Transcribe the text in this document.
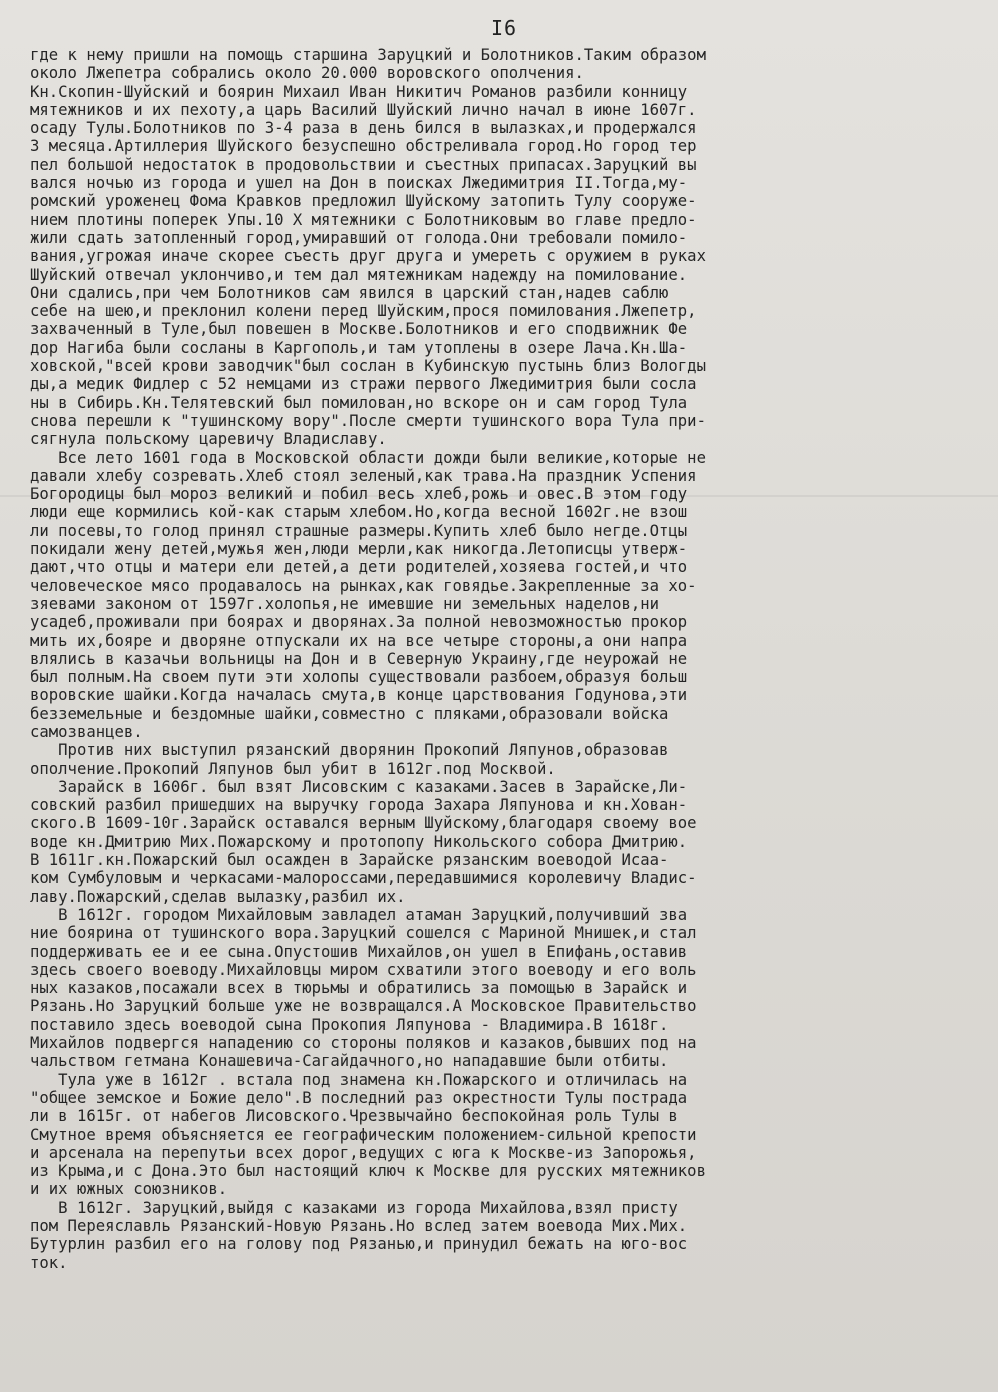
I6
где к нему пришли на помощь старшина Заруцкий и Болотников.Таким образом
около Лжепетра собрались около 20.000 воровского ополчения.
Кн.Скопин-Шуйский и боярин Михаил Иван Никитич Романов разбили конницу
мятежников и их пехоту,а царь Василий Шуйский лично начал в июне 1607г.
осаду Тулы.Болотников по 3-4 раза в день бился в вылазках,и продержался
3 месяца.Артиллерия Шуйского безуспешно обстреливала город.Но город тер
пел большой недостаток в продовольствии и съестных припасах.Заруцкий вы
вался ночью из города и ушел на Дон в поисках Лжедимитрия II.Тогда,му-
ромский уроженец Фома Кравков предложил Шуйскому затопить Тулу сооруже-
нием плотины поперек Упы.10 X мятежники с Болотниковым во главе предло-
жили сдать затопленный город,умиравший от голода.Они требовали помило-
вания,угрожая иначе скорее съесть друг друга и умереть с оружием в руках
Шуйский отвечал уклончиво,и тем дал мятежникам надежду на помилование.
Они сдались,при чем Болотников сам явился в царский стан,надев саблю
себе на шею,и преклонил колени перед Шуйским,прося помилования.Лжепетр,
захваченный в Туле,был повешен в Москве.Болотников и его сподвижник Фе
дор Нагиба были сосланы в Каргополь,и там утоплены в озере Лача.Кн.Ша-
ховской,"всей крови заводчик"был сослан в Кубинскую пустынь близ Вологды
ды,а медик Фидлер с 52 немцами из стражи первого Лжедимитрия были сосла
ны в Сибирь.Кн.Телятевский был помилован,но вскоре он и сам город Тула
снова перешли к "тушинскому вору".После смерти тушинского вора Тула при-
сягнула польскому царевичу Владиславу.
Все лето 1601 года в Московской области дожди были великие,которые не
давали хлебу созревать.Хлеб стоял зеленый,как трава.На праздник Успения
Богородицы был мороз великий и побил весь хлеб,рожь и овес.В этом году
люди еще кормились кой-как старым хлебом.Но,когда весной 1602г.не взош
ли посевы,то голод принял страшные размеры.Купить хлеб было негде.Отцы
покидали жену детей,мужья жен,люди мерли,как никогда.Летописцы утверж-
дают,что отцы и матери ели детей,а дети родителей,хозяева гостей,и что
человеческое мясо продавалось на рынках,как говядье.Закрепленные за хо-
зяевами законом от 1597г.холопья,не имевшие ни земельных наделов,ни
усадеб,проживали при боярах и дворянах.За полной невозможностью прокор
мить их,бояре и дворяне отпускали их на все четыре стороны,а они напра
влялись в казачьи вольницы на Дон и в Северную Украину,где неурожай не
был полным.На своем пути эти холопы существовали разбоем,образуя больш
воровские шайки.Когда началась смута,в конце царствования Годунова,эти
безземельные и бездомные шайки,совместно с пляками,образовали войска
самозванцев.
Против них выступил рязанский дворянин Прокопий Ляпунов,образовав
ополчение.Прокопий Ляпунов был убит в 1612г.под Москвой.
Зарайск в 1606г. был взят Лисовским с казаками.Засев в Зарайске,Ли-
совский разбил пришедших на выручку города Захара Ляпунова и кн.Хован-
ского.В 1609-10г.Зарайск оставался верным Шуйскому,благодаря своему вое
воде кн.Дмитрию Мих.Пожарскому и протопопу Никольского собора Дмитрию.
В 1611г.кн.Пожарский был осажден в Зарайске рязанским воеводой Исаа-
ком Сумбуловым и черкасами-малороссами,передавшимися королевичу Владис-
лаву.Пожарский,сделав вылазку,разбил их.
В 1612г. городом Михайловым завладел атаман Заруцкий,получивший зва
ние боярина от тушинского вора.Заруцкий сошелся с Мариной Мнишек,и стал
поддерживать ее и ее сына.Опустошив Михайлов,он ушел в Епифань,оставив
здесь своего воеводу.Михайловцы миром схватили этого воеводу и его воль
ных казаков,посажали всех в тюрьмы и обратились за помощью в Зарайск и
Рязань.Но Заруцкий больше уже не возвращался.А Московское Правительство
поставило здесь воеводой сына Прокопия Ляпунова - Владимира.В 1618г.
Михайлов подвергся нападению со стороны поляков и казаков,бывших под на
чальством гетмана Конашевича-Сагайдачного,но нападавшие были отбиты.
Тула уже в 1612г . встала под знамена кн.Пожарского и отличилась на
"общее земское и Божие дело".В последний раз окрестности Тулы пострада
ли в 1615г. от набегов Лисовского.Чрезвычайно беспокойная роль Тулы в
Смутное время объясняется ее географическим положением-сильной крепости
и арсенала на перепутьи всех дорог,ведущих с юга к Москве-из Запорожья,
из Крыма,и с Дона.Это был настоящий ключ к Москве для русских мятежников
и их южных союзников.
В 1612г. Заруцкий,выйдя с казаками из города Михайлова,взял присту
пом Переяславль Рязанский-Новую Рязань.Но вслед затем воевода Мих.Мих.
Бутурлин разбил его на голову под Рязанью,и принудил бежать на юго-вос
ток.
